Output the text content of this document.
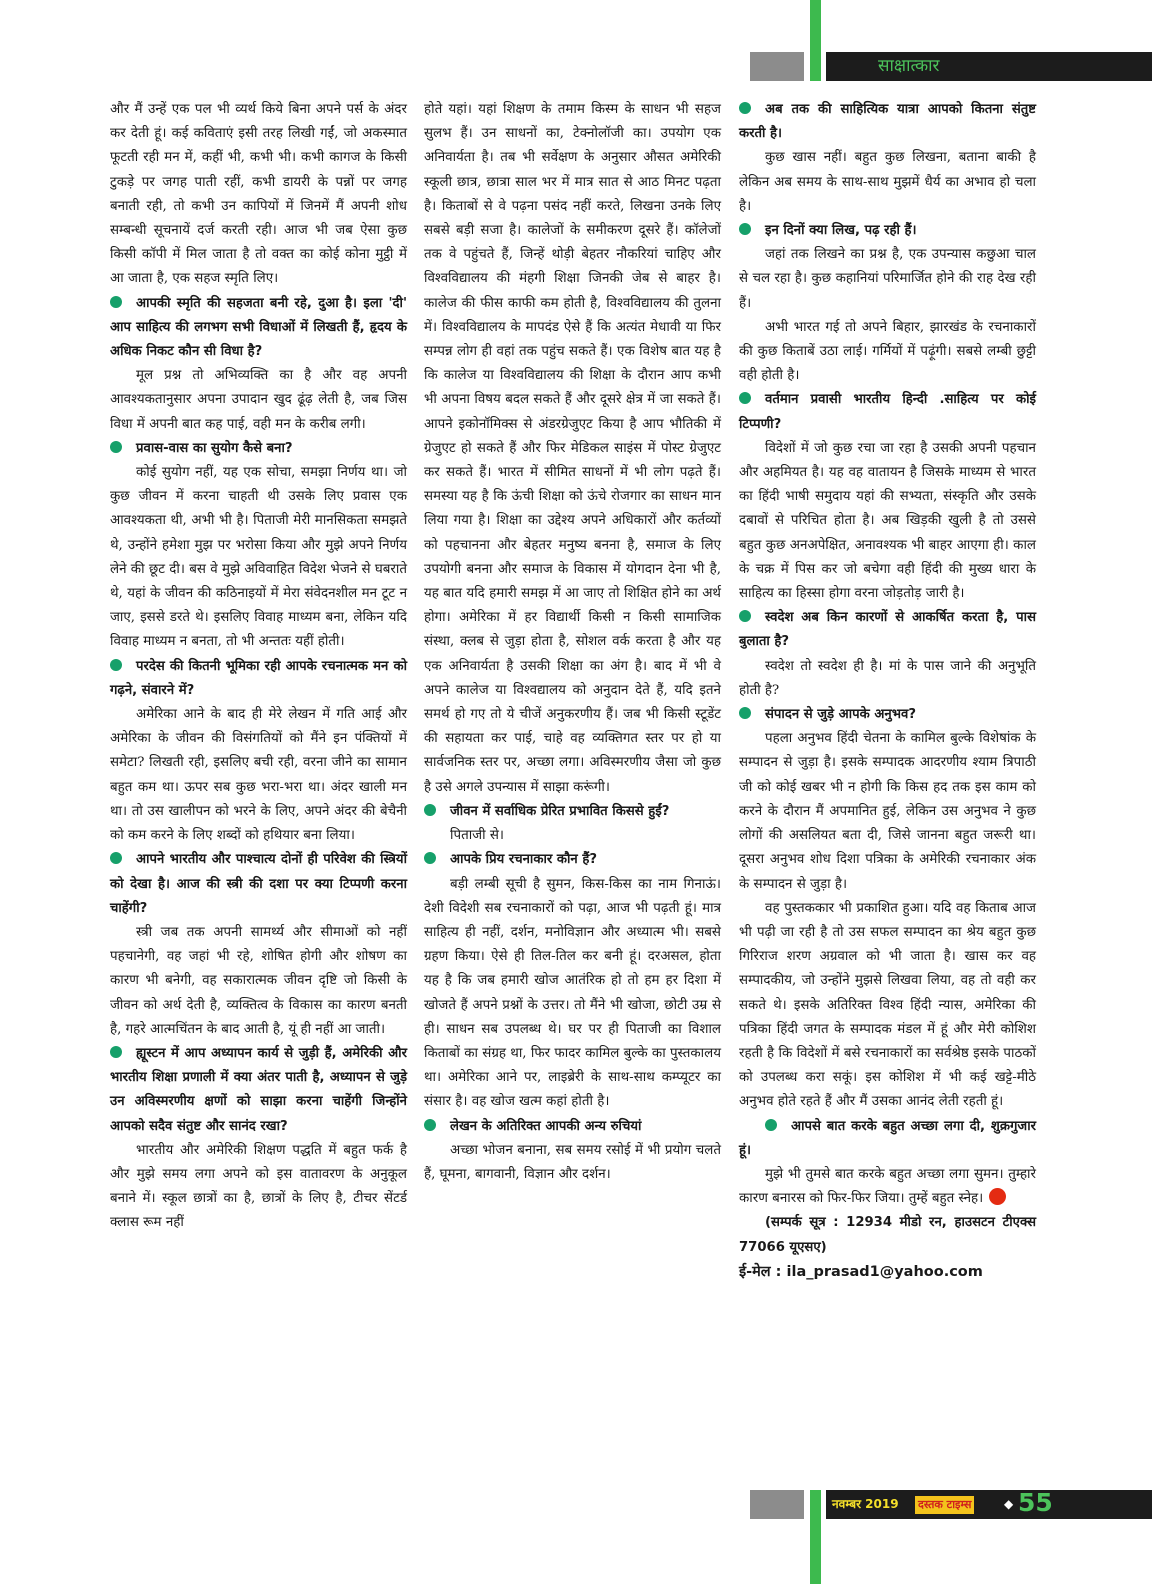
साक्षात्कार

और मैं उन्हें एक पल भी व्यर्थ किये बिना अपने पर्स के अंदर कर देती हूं। कई कविताएं इसी तरह लिखी गईं, जो अकस्मात फूटती रही मन में, कहीं भी, कभी भी। कभी कागज के किसी टुकड़े पर जगह पाती रहीं, कभी डायरी के पन्नों पर जगह बनाती रही, तो कभी उन कापियों में जिनमें मैं अपनी शोध सम्बन्धी सूचनायें दर्ज करती रही। आज भी जब ऐसा कुछ किसी कॉपी में मिल जाता है तो वक्त का कोई कोना मुट्ठी में आ जाता है, एक सहज स्मृति लिए।

आपकी स्मृति की सहजता बनी रहे, दुआ है। इला 'दी' आप साहित्य की लगभग सभी विधाओं में लिखती हैं, हृदय के अधिक निकट कौन सी विधा है?

मूल प्रश्न तो अभिव्यक्ति का है और वह अपनी आवश्यकतानुसार अपना उपादान खुद ढूंढ़ लेती है, जब जिस विधा में अपनी बात कह पाई, वही मन के करीब लगी।

प्रवास-वास का सुयोग कैसे बना?

कोई सुयोग नहीं, यह एक सोचा, समझा निर्णय था। जो कुछ जीवन में करना चाहती थी उसके लिए प्रवास एक आवश्यकता थी, अभी भी है। पिताजी मेरी मानसिकता समझते थे, उन्होंने हमेशा मुझ पर भरोसा किया और मुझे अपने निर्णय लेने की छूट दी। बस वे मुझे अविवाहित विदेश भेजने से घबराते थे, यहां के जीवन की कठिनाइयों में मेरा संवेदनशील मन टूट न जाए, इससे डरते थे। इसलिए विवाह माध्यम बना, लेकिन यदि विवाह माध्यम न बनता, तो भी अन्ततः यहीं होती।

परदेस की कितनी भूमिका रही आपके रचनात्मक मन को गढ़ने, संवारने में?

अमेरिका आने के बाद ही मेरे लेखन में गति आई और अमेरिका के जीवन की विसंगतियों को मैंने इन पंक्तियों में समेटा? लिखती रही, इसलिए बची रही, वरना जीने का सामान बहुत कम था। ऊपर सब कुछ भरा-भरा था। अंदर खाली मन था। तो उस खालीपन को भरने के लिए, अपने अंदर की बेचैनी को कम करने के लिए शब्दों को हथियार बना लिया।

आपने भारतीय और पाश्चात्य दोनों ही परिवेश की स्त्रियों को देखा है। आज की स्त्री की दशा पर क्या टिप्पणी करना चाहेंगी?

स्त्री जब तक अपनी सामर्थ्य और सीमाओं को नहीं पहचानेगी, वह जहां भी रहे, शोषित होगी और शोषण का कारण भी बनेगी, वह सकारात्मक जीवन दृष्टि जो किसी के जीवन को अर्थ देती है, व्यक्तित्व के विकास का कारण बनती है, गहरे आत्मचिंतन के बाद आती है, यूं ही नहीं आ जाती।

ह्यूस्टन में आप अध्यापन कार्य से जुड़ी हैं, अमेरिकी और भारतीय शिक्षा प्रणाली में क्या अंतर पाती है, अध्यापन से जुड़े उन अविस्मरणीय क्षणों को साझा करना चाहेंगी जिन्होंने आपको सदैव संतुष्ट और सानंद रखा?

भारतीय और अमेरिकी शिक्षण पद्धति में बहुत फर्क है और मुझे समय लगा अपने को इस वातावरण के अनुकूल बनाने में। स्कूल छात्रों का है, छात्रों के लिए है, टीचर सेंटर्ड क्लास रूम नहीं

होते यहां। यहां शिक्षण के तमाम किस्म के साधन भी सहज सुलभ हैं। उन साधनों का, टेक्नोलॉजी का। उपयोग एक अनिवार्यता है। तब भी सर्वेक्षण के अनुसार औसत अमेरिकी स्कूली छात्र, छात्रा साल भर में मात्र सात से आठ मिनट पढ़ता है। किताबों से वे पढ़ना पसंद नहीं करते, लिखना उनके लिए सबसे बड़ी सजा है। कालेजों के समीकरण दूसरे हैं। कॉलेजों तक वे पहुंचते हैं, जिन्हें थोड़ी बेहतर नौकरियां चाहिए और विश्वविद्यालय की मंहगी शिक्षा जिनकी जेब से बाहर है। कालेज की फीस काफी कम होती है, विश्वविद्यालय की तुलना में। विश्वविद्यालय के मापदंड ऐसे हैं कि अत्यंत मेधावी या फिर सम्पन्न लोग ही वहां तक पहुंच सकते हैं। एक विशेष बात यह है कि कालेज या विश्वविद्यालय की शिक्षा के दौरान आप कभी भी अपना विषय बदल सकते हैं और दूसरे क्षेत्र में जा सकते हैं। आपने इकोनॉमिक्स से अंडरग्रेजुएट किया है आप भौतिकी में ग्रेजुएट हो सकते हैं और फिर मेडिकल साइंस में पोस्ट ग्रेजुएट कर सकते हैं। भारत में सीमित साधनों में भी लोग पढ़ते हैं। समस्या यह है कि ऊंची शिक्षा को ऊंचे रोजगार का साधन मान लिया गया है। शिक्षा का उद्देश्य अपने अधिकारों और कर्तव्यों को पहचानना और बेहतर मनुष्य बनना है, समाज के लिए उपयोगी बनना और समाज के विकास में योगदान देना भी है, यह बात यदि हमारी समझ में आ जाए तो शिक्षित होने का अर्थ होगा। अमेरिका में हर विद्यार्थी किसी न किसी सामाजिक संस्था, क्लब से जुड़ा होता है, सोशल वर्क करता है और यह एक अनिवार्यता है उसकी शिक्षा का अंग है। बाद में भी वे अपने कालेज या विश्वद्यालय को अनुदान देते हैं, यदि इतने समर्थ हो गए तो ये चीजें अनुकरणीय हैं। जब भी किसी स्टूडेंट की सहायता कर पाई, चाहे वह व्यक्तिगत स्तर पर हो या सार्वजनिक स्तर पर, अच्छा लगा। अविस्मरणीय जैसा जो कुछ है उसे अगले उपन्यास में साझा करूंगी।

जीवन में सर्वाधिक प्रेरित प्रभावित किससे हुईं?

पिताजी से।

आपके प्रिय रचनाकार कौन हैं?

बड़ी लम्बी सूची है सुमन, किस-किस का नाम गिनाऊं। देशी विदेशी सब रचनाकारों को पढ़ा, आज भी पढ़ती हूं। मात्र साहित्य ही नहीं, दर्शन, मनोविज्ञान और अध्यात्म भी। सबसे ग्रहण किया। ऐसे ही तिल-तिल कर बनी हूं। दरअसल, होता यह है कि जब हमारी खोज आतंरिक हो तो हम हर दिशा में खोजते हैं अपने प्रश्नों के उत्तर। तो मैंने भी खोजा, छोटी उम्र से ही। साधन सब उपलब्ध थे। घर पर ही पिताजी का विशाल किताबों का संग्रह था, फिर फादर कामिल बुल्के का पुस्तकालय था। अमेरिका आने पर, लाइब्रेरी के साथ-साथ कम्प्यूटर का संसार है। वह खोज खत्म कहां होती है।

लेखन के अतिरिक्त आपकी अन्य रुचियां

अच्छा भोजन बनाना, सब समय रसोई में भी प्रयोग चलते हैं, घूमना, बागवानी, विज्ञान और दर्शन।

अब तक की साहित्यिक यात्रा आपको कितना संतुष्ट करती है।

कुछ खास नहीं। बहुत कुछ लिखना, बताना बाकी है लेकिन अब समय के साथ-साथ मुझमें धैर्य का अभाव हो चला है।

इन दिनों क्या लिख, पढ़ रही हैं।

जहां तक लिखने का प्रश्न है, एक उपन्यास कछुआ चाल से चल रहा है। कुछ कहानियां परिमार्जित होने की राह देख रही हैं।

अभी भारत गई तो अपने बिहार, झारखंड के रचनाकारों की कुछ किताबें उठा लाई। गर्मियों में पढ़ूंगी। सबसे लम्बी छुट्टी वही होती है।

वर्तमान प्रवासी भारतीय हिन्दी .साहित्य पर कोई टिप्पणी?

विदेशों में जो कुछ रचा जा रहा है उसकी अपनी पहचान और अहमियत है। यह वह वातायन है जिसके माध्यम से भारत का हिंदी भाषी समुदाय यहां की सभ्यता, संस्कृति और उसके दबावों से परिचित होता है। अब खिड़की खुली है तो उससे बहुत कुछ अनअपेक्षित, अनावश्यक भी बाहर आएगा ही। काल के चक्र में पिस कर जो बचेगा वही हिंदी की मुख्य धारा के साहित्य का हिस्सा होगा वरना जोड़तोड़ जारी है।

स्वदेश अब किन कारणों से आकर्षित करता है, पास बुलाता है?

स्वदेश तो स्वदेश ही है। मां के पास जाने की अनुभूति होती है?

संपादन से जुड़े आपके अनुभव?

पहला अनुभव हिंदी चेतना के कामिल बुल्के विशेषांक के सम्पादन से जुड़ा है। इसके सम्पादक आदरणीय श्याम त्रिपाठी जी को कोई खबर भी न होगी कि किस हद तक इस काम को करने के दौरान मैं अपमानित हुई, लेकिन उस अनुभव ने कुछ लोगों की असलियत बता दी, जिसे जानना बहुत जरूरी था। दूसरा अनुभव शोध दिशा पत्रिका के अमेरिकी रचनाकार अंक के सम्पादन से जुड़ा है।

वह पुस्तककार भी प्रकाशित हुआ। यदि वह किताब आज भी पढ़ी जा रही है तो उस सफल सम्पादन का श्रेय बहुत कुछ गिरिराज शरण अग्रवाल को भी जाता है। खास कर वह सम्पादकीय, जो उन्होंने मुझसे लिखवा लिया, वह तो वही कर सकते थे। इसके अतिरिक्त विश्व हिंदी न्यास, अमेरिका की पत्रिका हिंदी जगत के सम्पादक मंडल में हूं और मेरी कोशिश रहती है कि विदेशों में बसे रचनाकारों का सर्वश्रेष्ठ इसके पाठकों को उपलब्ध करा सकूं। इस कोशिश में भी कई खट्टे-मीठे अनुभव होते रहते हैं और मैं उसका आनंद लेती रहती हूं।

आपसे बात करके बहुत अच्छा लगा दी, शुक्रगुजार हूं।

मुझे भी तुमसे बात करके बहुत अच्छा लगा सुमन। तुम्हारे कारण बनारस को फिर-फिर जिया। तुम्हें बहुत स्नेह।

(सम्पर्क सूत्र : 12934 मीडो रन, हाउसटन टीएक्स 77066 यूएसए)

ई-मेल : ila_prasad1@yahoo.com

नवम्बर 2019 दस्तक टाइम्स	◆ 55
